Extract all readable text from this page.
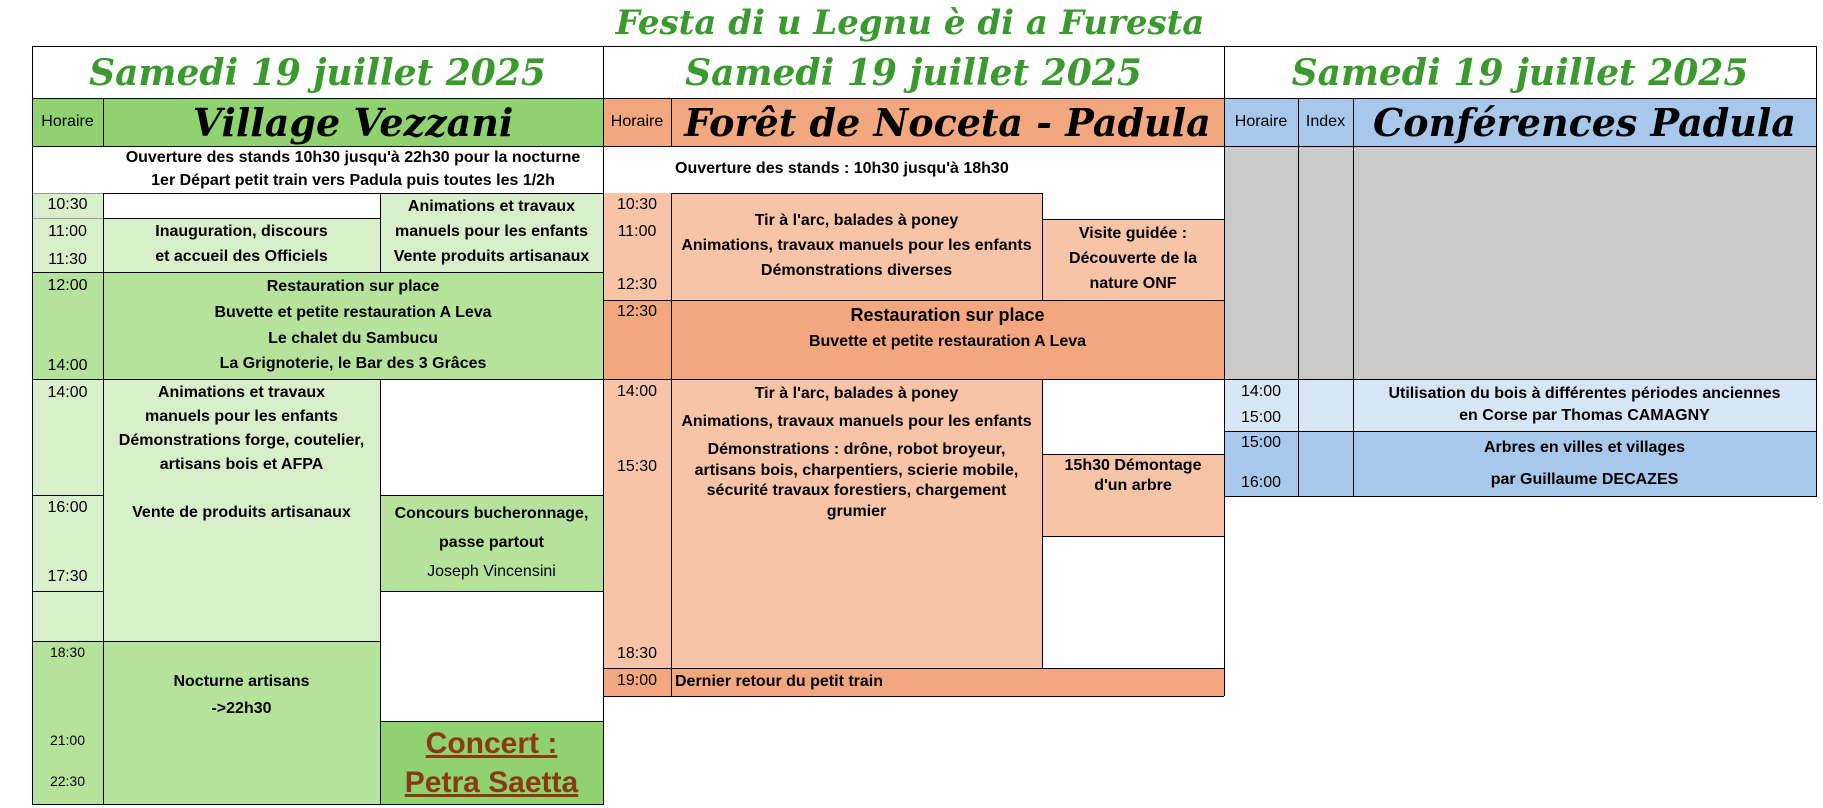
Festa di u Legnu è di a Furesta
Samedi 19 juillet 2025
Horaire	Village Vezzani
Ouverture des stands 10h30 jusqu'à 22h30 pour la nocturne
1er Départ petit train vers Padula puis toutes les 1/2h
Inauguration, discours
et accueil des Officiels
Animations et travaux
manuels pour les enfants
Vente produits artisanaux
Restauration sur place
Buvette et petite restauration A Leva
Le chalet du Sambucu
La Grignoterie, le Bar des 3 Grâces
Animations et travaux
manuels pour les enfants
Démonstrations forge, coutelier,
artisans bois et AFPA
Vente de produits artisanaux	Concours bucheronnage,
passe partout
Joseph Vincensini
Nocturne artisans
->22h30
Concert :
Petra Saetta
10:30
11:00
11:30
12:00
14:00
14:00
16:00
17:30
18:30
21:00
22:30
Samedi 19 juillet 2025
Horaire Forêt de Noceta - Padula
Ouverture des stands : 10h30 jusqu'à 18h30
Tir à l'arc, balades à poney
Animations, travaux manuels pour les enfants
Démonstrations diverses
Visite guidée :
Découverte de la
nature ONF
Restauration sur place
Buvette et petite restauration A Leva
Tir à l'arc, balades à poney
Animations, travaux manuels pour les enfants
Démonstrations : drône, robot broyeur, artisans bois, charpentiers, scierie mobile, sécurité travaux forestiers, chargement grumier
15h30 Démontage d'un arbre
Dernier retour du petit train
10:30
11:00
12:30
12:30
14:00
15:30
18:30
19:00
Samedi 19 juillet 2025
Horaire Index Conférences Padula
Utilisation du bois à différentes périodes anciennes
en Corse par Thomas CAMAGNY
Arbres en villes et villages
par Guillaume DECAZES
14:00
15:00
15:00
16:00
